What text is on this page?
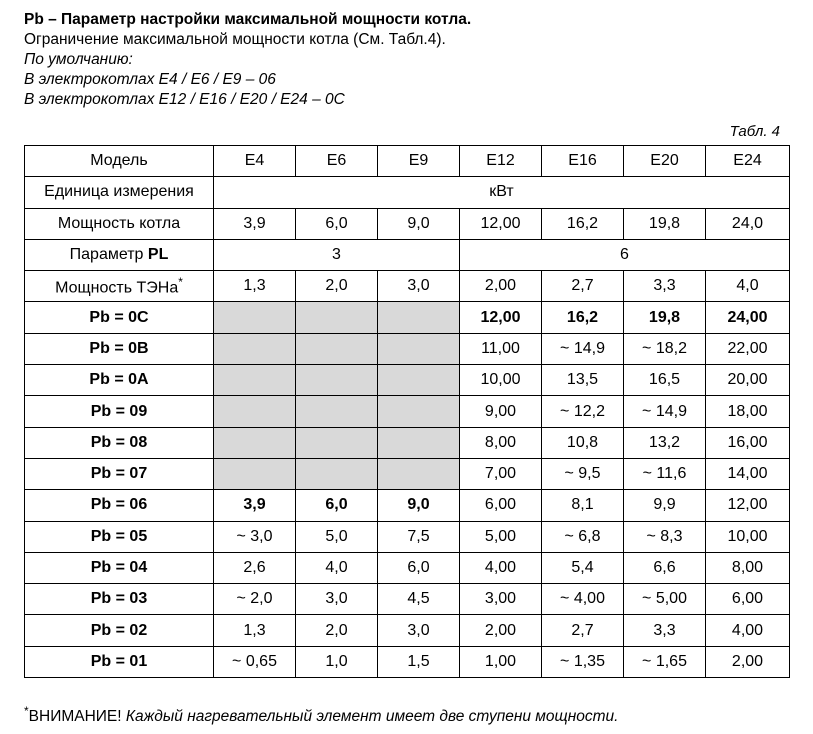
Pb – Параметр настройки максимальной мощности котла.
Ограничение максимальной мощности котла (См. Табл.4).
По умолчанию:
В электрокотлах Е4 / Е6 / Е9 – 06
В электрокотлах Е12 / Е16 / Е20 / Е24 – 0С
Табл. 4
Модель	Е4	Е6	Е9	Е12	Е16	Е20	Е24
Единица измерения	кВт						
Мощность котла	3,9	6,0	9,0	12,00	16,2	19,8	24,0
Параметр PL	3			6			
Мощность ТЭНа*	1,3	2,0	3,0	2,00	2,7	3,3	4,0
Pb = 0C				12,00	16,2	19,8	24,00
Pb = 0B				11,00	~ 14,9	~ 18,2	22,00
Pb = 0A				10,00	13,5	16,5	20,00
Pb = 09				9,00	~ 12,2	~ 14,9	18,00
Pb = 08				8,00	10,8	13,2	16,00
Pb = 07				7,00	~ 9,5	~ 11,6	14,00
Pb = 06	3,9	6,0	9,0	6,00	8,1	9,9	12,00
Pb = 05	~ 3,0	5,0	7,5	5,00	~ 6,8	~ 8,3	10,00
Pb = 04	2,6	4,0	6,0	4,00	5,4	6,6	8,00
Pb = 03	~ 2,0	3,0	4,5	3,00	~ 4,00	~ 5,00	6,00
Pb = 02	1,3	2,0	3,0	2,00	2,7	3,3	4,00
Pb = 01	~ 0,65	1,0	1,5	1,00	~ 1,35	~ 1,65	2,00
*ВНИМАНИЕ! Каждый нагревательный элемент имеет две ступени мощности.
